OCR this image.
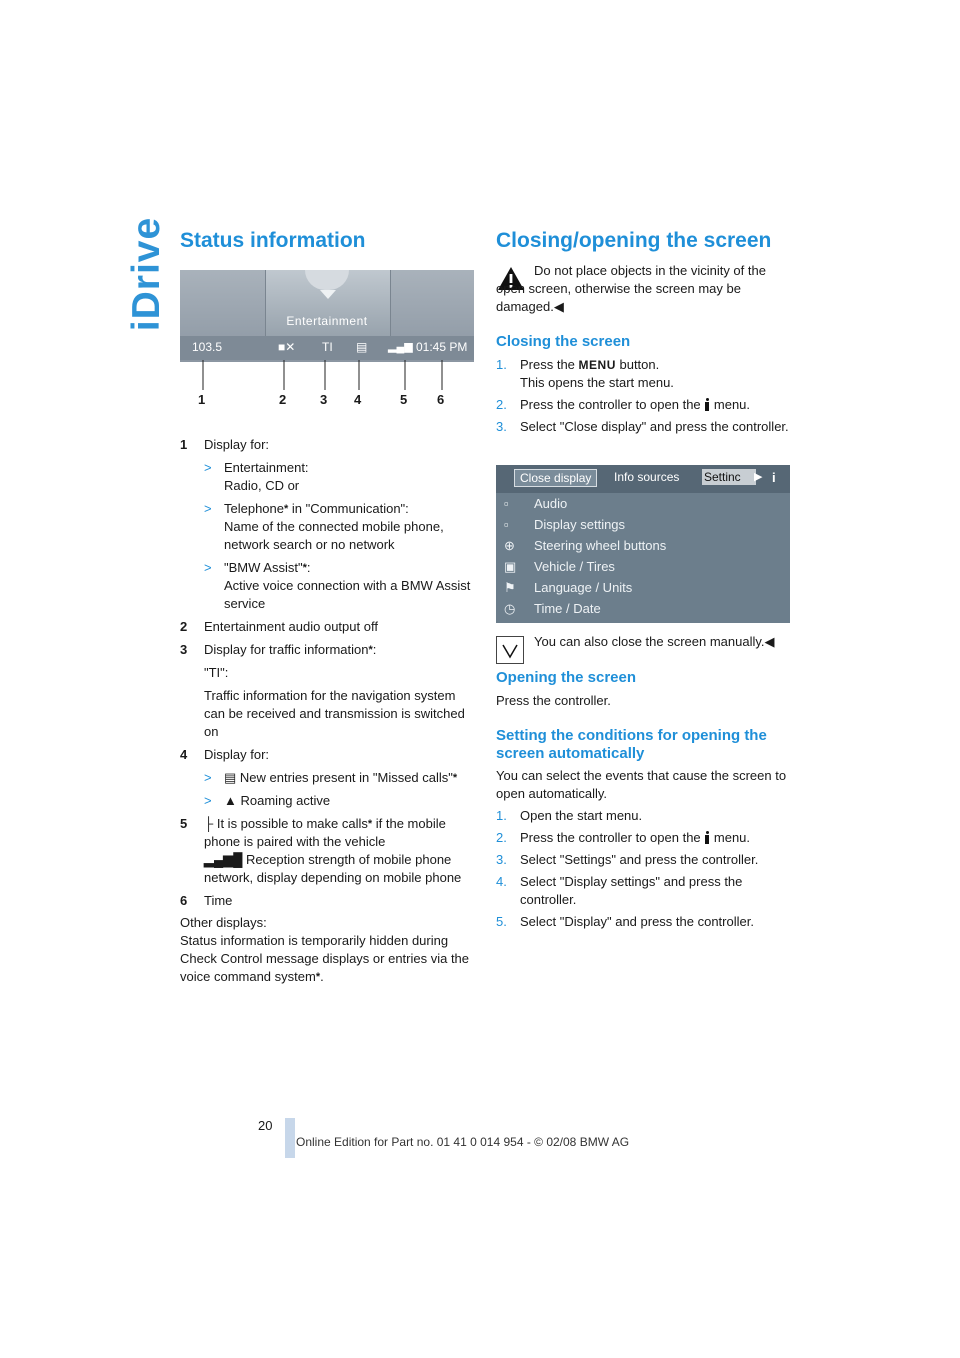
iDrive Status information
Entertainment
103.5	■✕ TI ▤ ▂▄▆ 01:45 PM
1	2	3 4	5 6
1 Display for:
> Entertainment:
Radio, CD or
> Telephone* in "Communication":
Name of the connected mobile phone, network search or no network
> "BMW Assist"*:
Active voice connection with a BMW Assist service
2 Entertainment audio output off
3 Display for traffic information*:
"TI":
Traffic information for the navigation system can be received and transmission is switched on
4 Display for:
> ▤ New entries present in "Missed calls"*
> ▲ Roaming active
5 ├ It is possible to make calls* if the mobile phone is paired with the vehicle
▂▄▆█ Reception strength of mobile phone network, display depending on mobile phone
6 Time
Other displays:
Status information is temporarily hidden during Check Control message displays or entries via the voice command system*.
Closing/opening the screen
Do not place objects in the vicinity of the open screen, otherwise the screen may be damaged.◀
Closing the screen
1. Press the MENU button.
This opens the start menu.
2. Press the controller to open the  menu.
3. Select "Close display" and press the controller.
Close display	Info sources Settinc	▶ i
▫ Audio
▫ Display settings
⊕ Steering wheel buttons
▣ Vehicle / Tires
⚑ Language / Units
◷ Time / Date
You can also close the screen manually.◀
Opening the screen
Press the controller.
Setting the conditions for opening the screen automatically
You can select the events that cause the screen to open automatically.
1. Open the start menu.
2. Press the controller to open the  menu.
3. Select "Settings" and press the controller.
4. Select "Display settings" and press the controller.
5. Select "Display" and press the controller.
20
Online Edition for Part no. 01 41 0 014 954 - © 02/08 BMW AG
